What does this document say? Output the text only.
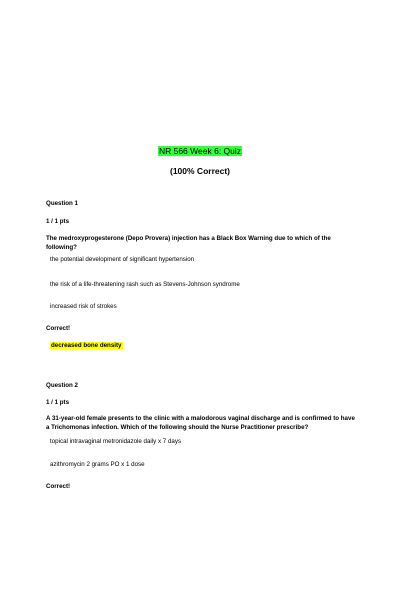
NR 566 Week 6: Quiz
(100% Correct)
Question 1
1 / 1 pts
The medroxyprogesterone (Depo Provera) injection has a Black Box Warning due to which of the following?
the potential development of significant hypertension
the risk of a life-threatening rash such as Stevens-Johnson syndrome
increased risk of strokes
Correct!
decreased bone density
Question 2
1 / 1 pts
A 31-year-old female presents to the clinic with a malodorous vaginal discharge and is confirmed to have a Trichomonas infection. Which of the following should the Nurse Practitioner prescribe?
topical intravaginal metronidazole daily x 7 days
azithromycin 2 grams PO x 1 dose
Correct!
